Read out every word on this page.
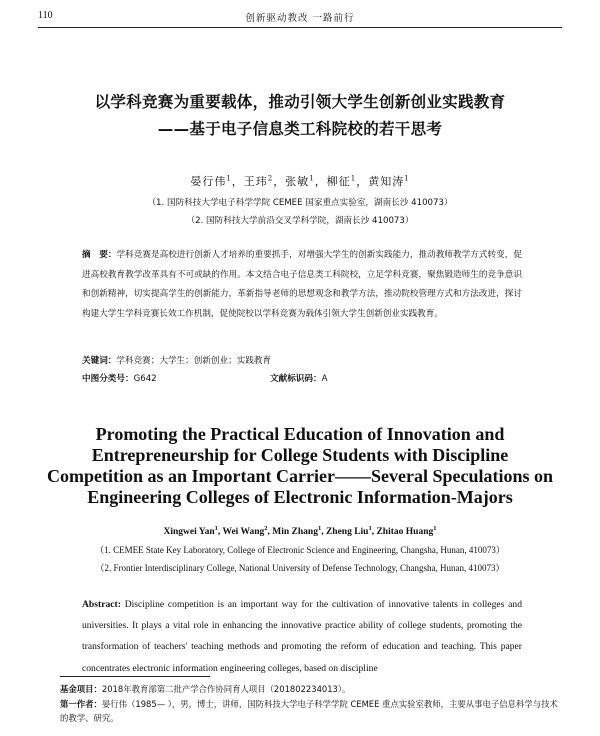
110	创新驱动教改 一路前行
以学科竞赛为重要载体，推动引领大学生创新创业实践教育
——基于电子信息类工科院校的若干思考
晏行伟$^1$，王玮$^2$，张敏$^1$，柳征$^1$，黄知涛$^1$
（1. 国防科技大学电子科学学院 CEMEE 国家重点实验室，湖南长沙 410073）
（2. 国防科技大学前沿交叉学科学院，湖南长沙 410073）
摘　要：学科竞赛是高校进行创新人才培养的重要抓手，对增强大学生的创新实践能力，推动教师教学方式转变，促进高校教育教学改革具有不可或缺的作用。本文结合电子信息类工科院校，立足学科竞赛，聚焦锻造师生的竞争意识和创新精神，切实提高学生的创新能力，革新指导老师的思想观念和教学方法，推动院校管理方式和方法改进，探讨构建大学生学科竞赛长效工作机制，促使院校以学科竞赛为载体引领大学生创新创业实践教育。
关键词：学科竞赛；大学生；创新创业；实践教育
中图分类号：G642	文献标识码：A
Promoting the Practical Education of Innovation and
Entrepreneurship for College Students with Discipline
Competition as an Important Carrier——Several Speculations on
Engineering Colleges of Electronic Information-Majors
Xingwei Yan$^1$, Wei Wang$^2$, Min Zhang$^1$, Zheng Liu$^1$, Zhitao Huang$^1$
（1. CEMEE State Key Laboratory, College of Electronic Science and Engineering, Changsha, Hunan, 410073）
（2. Frontier Interdisciplinary College, National University of Defense Technology, Changsha, Hunan, 410073）
Abstract: Discipline competition is an important way for the cultivation of innovative talents in colleges and universities. It plays a vital role in enhancing the innovative practice ability of college students, promoting the transformation of teachers' teaching methods and promoting the reform of education and teaching. This paper concentrates electronic information engineering colleges, based on discipline
基金项目：2018年教育部第二批产学合作协同育人项目（201802234013）。
第一作者：晏行伟（1985— ），男，博士，讲师，国防科技大学电子科学学院 CEMEE 重点实验室教师，主要从事电子信息科学与技术的教学、研究。
